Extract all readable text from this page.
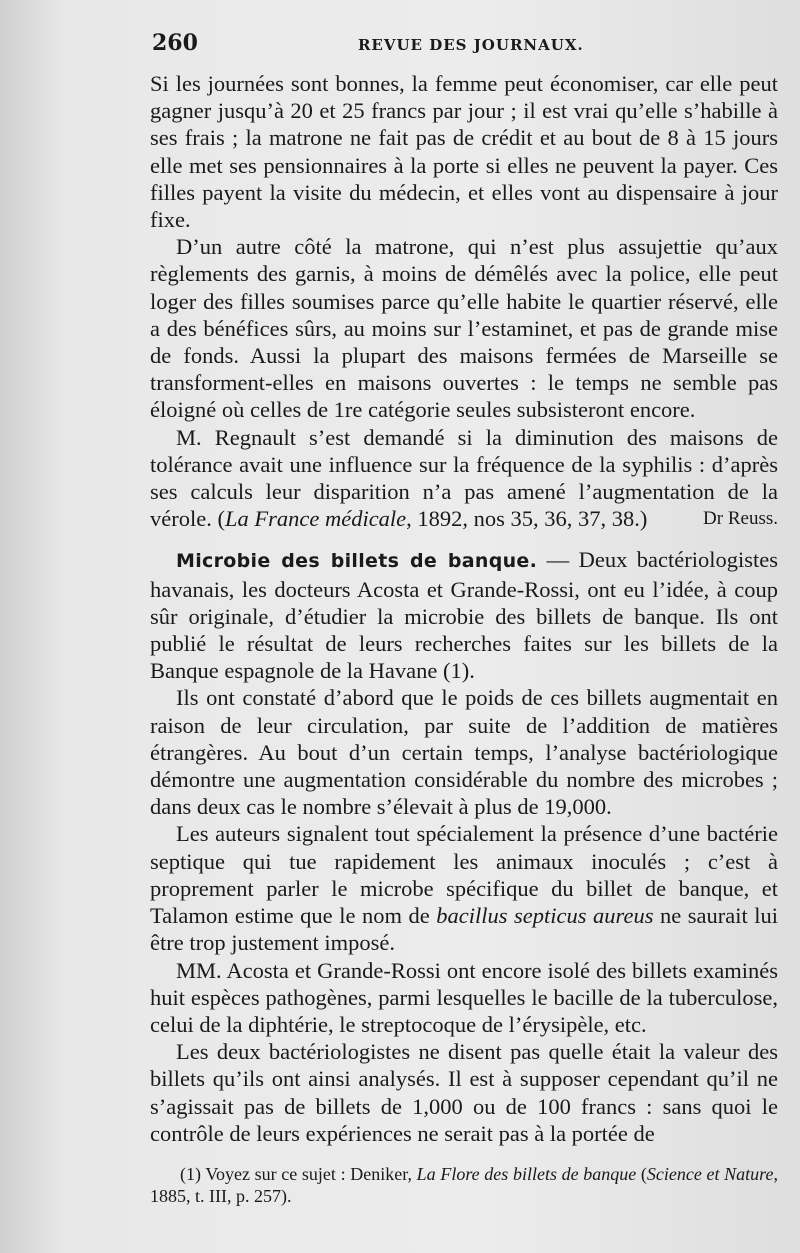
260	REVUE DES JOURNAUX.

Si les journées sont bonnes, la femme peut économiser, car elle peut gagner jusqu’à 20 et 25 francs par jour ; il est vrai qu’elle s’habille à ses frais ; la matrone ne fait pas de crédit et au bout de 8 à 15 jours elle met ses pensionnaires à la porte si elles ne peuvent la payer. Ces filles payent la visite du médecin, et elles vont au dispensaire à jour fixe.

D’un autre côté la matrone, qui n’est plus assujettie qu’aux règlements des garnis, à moins de démêlés avec la police, elle peut loger des filles soumises parce qu’elle habite le quartier réservé, elle a des bénéfices sûrs, au moins sur l’estaminet, et pas de grande mise de fonds. Aussi la plupart des maisons fermées de Marseille se transforment-elles en maisons ouvertes : le temps ne semble pas éloigné où celles de 1re catégorie seules subsisteront encore.

M. Regnault s’est demandé si la diminution des maisons de tolérance avait une influence sur la fréquence de la syphilis : d’après ses calculs leur disparition n’a pas amené l’augmentation de la vérole. (La France médicale, 1892, nos 35, 36, 37, 38.)	Dr Reuss.

Microbie des billets de banque. — Deux bactériologistes havanais, les docteurs Acosta et Grande-Rossi, ont eu l’idée, à coup sûr originale, d’étudier la microbie des billets de banque. Ils ont publié le résultat de leurs recherches faites sur les billets de la Banque espagnole de la Havane (1).

Ils ont constaté d’abord que le poids de ces billets augmentait en raison de leur circulation, par suite de l’addition de matières étrangères. Au bout d’un certain temps, l’analyse bactériologique démontre une augmentation considérable du nombre des microbes ; dans deux cas le nombre s’élevait à plus de 19,000.

Les auteurs signalent tout spécialement la présence d’une bactérie septique qui tue rapidement les animaux inoculés ; c’est à proprement parler le microbe spécifique du billet de banque, et Talamon estime que le nom de bacillus septicus aureus ne saurait lui être trop justement imposé.

MM. Acosta et Grande-Rossi ont encore isolé des billets examinés huit espèces pathogènes, parmi lesquelles le bacille de la tuberculose, celui de la diphtérie, le streptocoque de l’érysipèle, etc.

Les deux bactériologistes ne disent pas quelle était la valeur des billets qu’ils ont ainsi analysés. Il est à supposer cependant qu’il ne s’agissait pas de billets de 1,000 ou de 100 francs : sans quoi le contrôle de leurs expériences ne serait pas à la portée de

(1) Voyez sur ce sujet : Deniker, La Flore des billets de banque (Science et Nature, 1885, t. III, p. 257).
